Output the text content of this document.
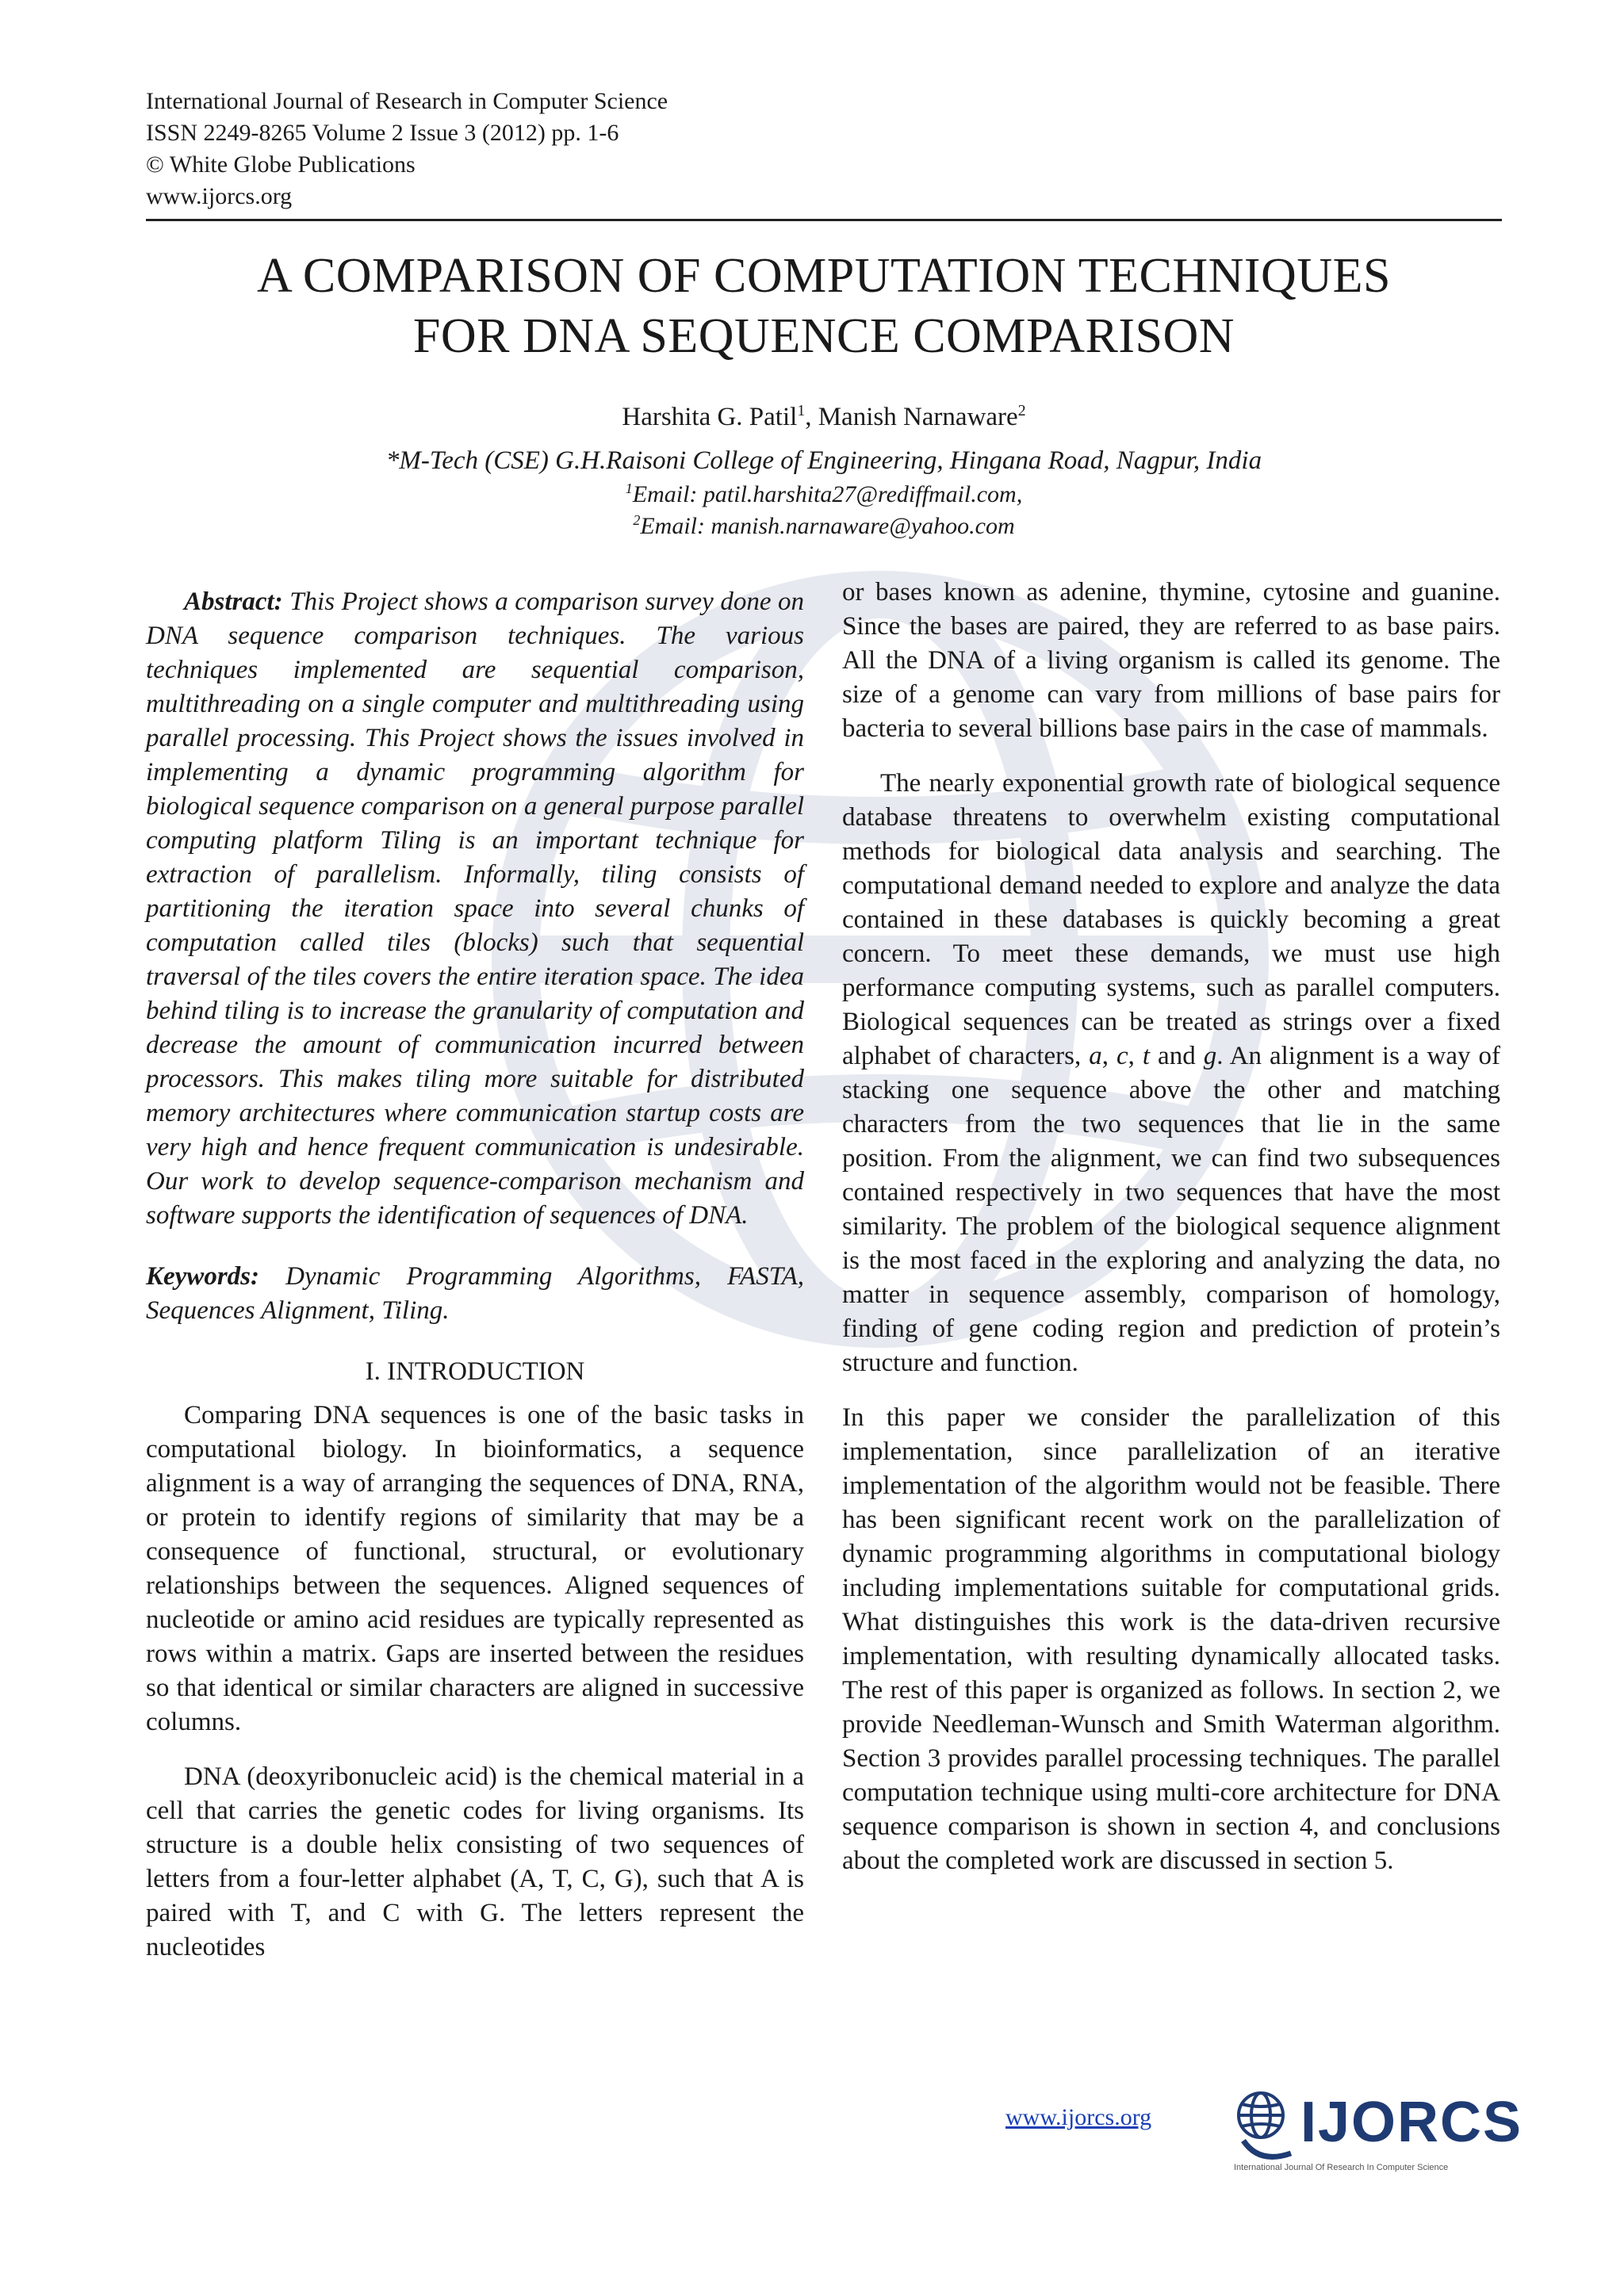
International Journal of Research in Computer Science
ISSN 2249-8265 Volume 2 Issue 3 (2012) pp. 1-6
© White Globe Publications
www.ijorcs.org
A COMPARISON OF COMPUTATION TECHNIQUES
FOR DNA SEQUENCE COMPARISON
Harshita G. Patil$^1$, Manish Narnaware$^2$
*M-Tech (CSE) G.H.Raisoni College of Engineering, Hingana Road, Nagpur, India
$^1$Email: patil.harshita27@rediffmail.com,
$^2$Email: manish.narnaware@yahoo.com

Abstract: This Project shows a comparison survey done on DNA sequence comparison techniques. The various techniques implemented are sequential comparison, multithreading on a single computer and multithreading using parallel processing. This Project shows the issues involved in implementing a dynamic programming algorithm for biological sequence comparison on a general purpose parallel computing platform Tiling is an important technique for extraction of parallelism. Informally, tiling consists of partitioning the iteration space into several chunks of computation called tiles (blocks) such that sequential traversal of the tiles covers the entire iteration space. The idea behind tiling is to increase the granularity of computation and decrease the amount of communication incurred between processors. This makes tiling more suitable for distributed memory architectures where communication startup costs are very high and hence frequent communication is undesirable. Our work to develop sequence-comparison mechanism and software supports the identification of sequences of DNA.

Keywords: Dynamic Programming Algorithms, FASTA, Sequences Alignment, Tiling.

I. INTRODUCTION

Comparing DNA sequences is one of the basic tasks in computational biology. In bioinformatics, a sequence alignment is a way of arranging the sequences of DNA, RNA, or protein to identify regions of similarity that may be a consequence of functional, structural, or evolutionary relationships between the sequences. Aligned sequences of nucleotide or amino acid residues are typically represented as rows within a matrix. Gaps are inserted between the residues so that identical or similar characters are aligned in successive columns.

DNA (deoxyribonucleic acid) is the chemical material in a cell that carries the genetic codes for living organisms. Its structure is a double helix consisting of two sequences of letters from a four-letter alphabet (A, T, C, G), such that A is paired with T, and C with G. The letters represent the nucleotides

or bases known as adenine, thymine, cytosine and guanine. Since the bases are paired, they are referred to as base pairs. All the DNA of a living organism is called its genome. The size of a genome can vary from millions of base pairs for bacteria to several billions base pairs in the case of mammals.

The nearly exponential growth rate of biological sequence database threatens to overwhelm existing computational methods for biological data analysis and searching. The computational demand needed to explore and analyze the data contained in these databases is quickly becoming a great concern. To meet these demands, we must use high performance computing systems, such as parallel computers. Biological sequences can be treated as strings over a fixed alphabet of characters, a, c, t and g. An alignment is a way of stacking one sequence above the other and matching characters from the two sequences that lie in the same position. From the alignment, we can find two subsequences contained respectively in two sequences that have the most similarity. The problem of the biological sequence alignment is the most faced in the exploring and analyzing the data, no matter in sequence assembly, comparison of homology, finding of gene coding region and prediction of protein’s structure and function.

In this paper we consider the parallelization of this implementation, since parallelization of an iterative implementation of the algorithm would not be feasible. There has been significant recent work on the parallelization of dynamic programming algorithms in computational biology including implementations suitable for computational grids. What distinguishes this work is the data-driven recursive implementation, with resulting dynamically allocated tasks. The rest of this paper is organized as follows. In section 2, we provide Needleman-Wunsch and Smith Waterman algorithm. Section 3 provides parallel processing techniques. The parallel computation technique using multi-core architecture for DNA sequence comparison is shown in section 4, and conclusions about the completed work are discussed in section 5.

www.ijorcs.org	IJORCS
International Journal Of Research In Computer Science
